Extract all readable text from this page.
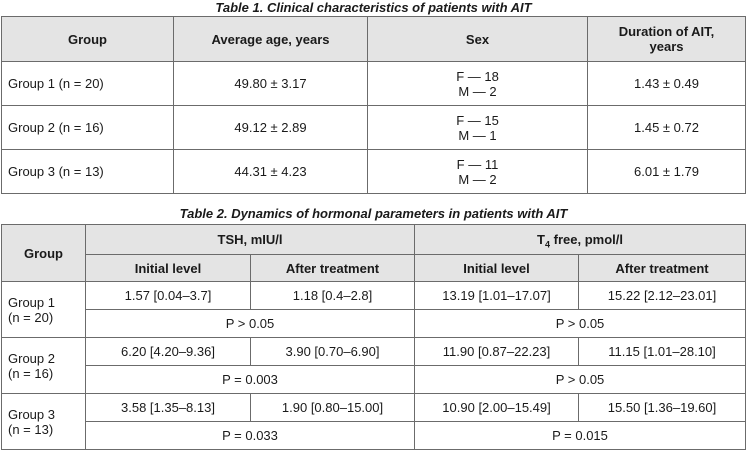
Table 1. Clinical characteristics of patients with AIT
Group	Average age, years	Sex	Duration of AIT, years
Group 1 (n = 20)	49.80 ± 3.17	F — 18
M — 2	1.43 ± 0.49
Group 2 (n = 16)	49.12 ± 2.89	F — 15
M — 1	1.45 ± 0.72
Group 3 (n = 13)	44.31 ± 4.23	F — 11
M — 2	6.01 ± 1.79
Table 2. Dynamics of hormonal parameters in patients with AIT
Group	TSH, mIU/l		$T_4$ free, pmol/l	
	Initial level	After treatment	Initial level	After treatment

Group 1
(n = 20)	1.57 [0.04–3.7]	1.18 [0.4–2.8]	13.19 [1.01–17.07]	15.22 [2.12–23.01]
	P > 0.05		P > 0.05	

Group 2
(n = 16)	6.20 [4.20–9.36]	3.90 [0.70–6.90]	11.90 [0.87–22.23]	11.15 [1.01–28.10]
	P = 0.003		P > 0.05	

Group 3
(n = 13)	3.58 [1.35–8.13]	1.90 [0.80–15.00]	10.90 [2.00–15.49]	15.50 [1.36–19.60]
	P = 0.033		P = 0.015	
